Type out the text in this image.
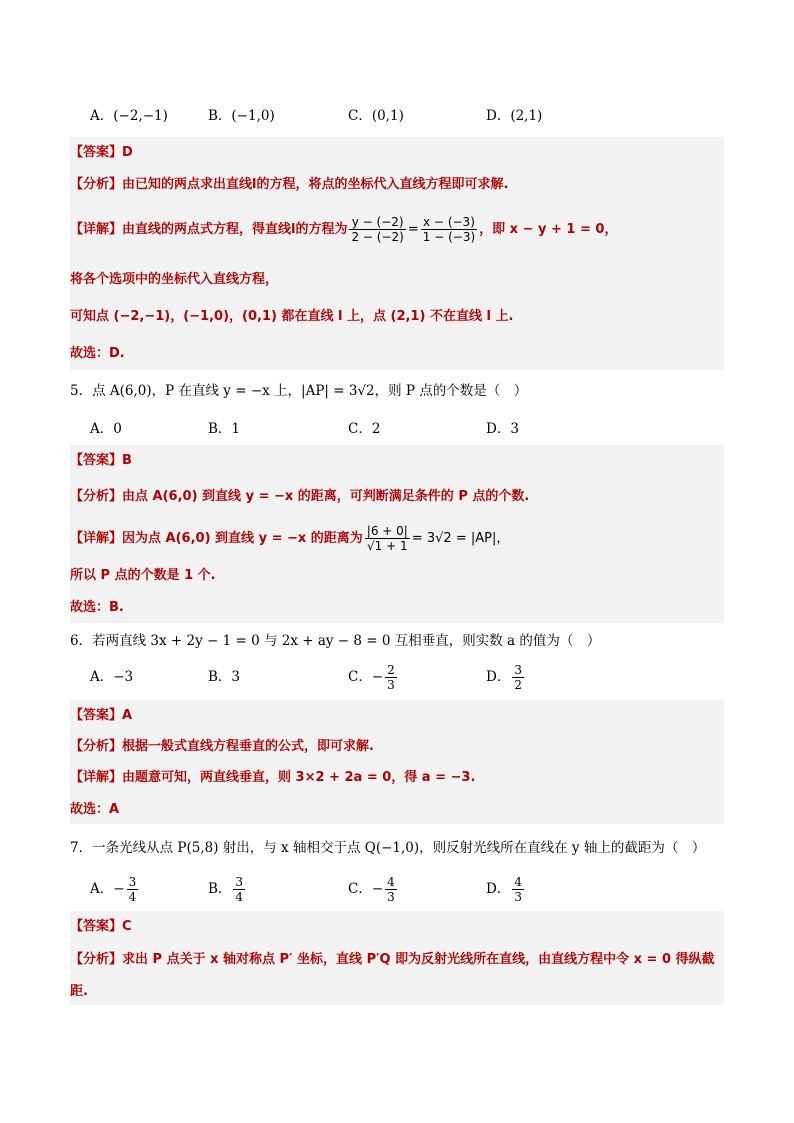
A．(−2,−1)	B．(−1,0)	C．(0,1)	D．(2,1)
【答案】D
【分析】由已知的两点求出直线l的方程，将点的坐标代入直线方程即可求解.
【详解】由直线的两点式方程，得直线l的方程为 $\frac{y - (-2)}{2 - (-2)} = \frac{x - (-3)}{1 - (-3)}$ ，即 x − y + 1 = 0，
将各个选项中的坐标代入直线方程，
可知点 (−2,−1)，(−1,0)，(0,1) 都在直线 l 上，点 (2,1) 不在直线 l 上.
故选：D.
5．点 A(6,0)，P 在直线 y = −x 上，|AP| = 3√2，则 P 点的个数是（　）
A．0	B．1	C．2	D．3
【答案】B
【分析】由点 A(6,0) 到直线 y = −x 的距离，可判断满足条件的 P 点的个数.
【详解】因为点 A(6,0) 到直线 y = −x 的距离为 $\frac{|6 + 0|}{√1 + 1} = 3√2 = |AP|$，
所以 P 点的个数是 1 个.
故选：B.
6．若两直线 3x + 2y − 1 = 0 与 2x + ay − 8 = 0 互相垂直，则实数 a 的值为（　）
A．−3	B．3	C．− $\frac{2}{3}$	D． $\frac{3}{2}$
【答案】A
【分析】根据一般式直线方程垂直的公式，即可求解.
【详解】由题意可知，两直线垂直，则 3×2 + 2a = 0，得 a = −3.
故选：A
7．一条光线从点 P(5,8) 射出，与 x 轴相交于点 Q(−1,0)，则反射光线所在直线在 y 轴上的截距为（　）
A．− $\frac{3}{4}$	B． $\frac{3}{4}$	C．− $\frac{4}{3}$	D． $\frac{4}{3}$
【答案】C
【分析】求出 P 点关于 x 轴对称点 P′ 坐标，直线 P′Q 即为反射光线所在直线，由直线方程中令 x = 0 得纵截
距.
